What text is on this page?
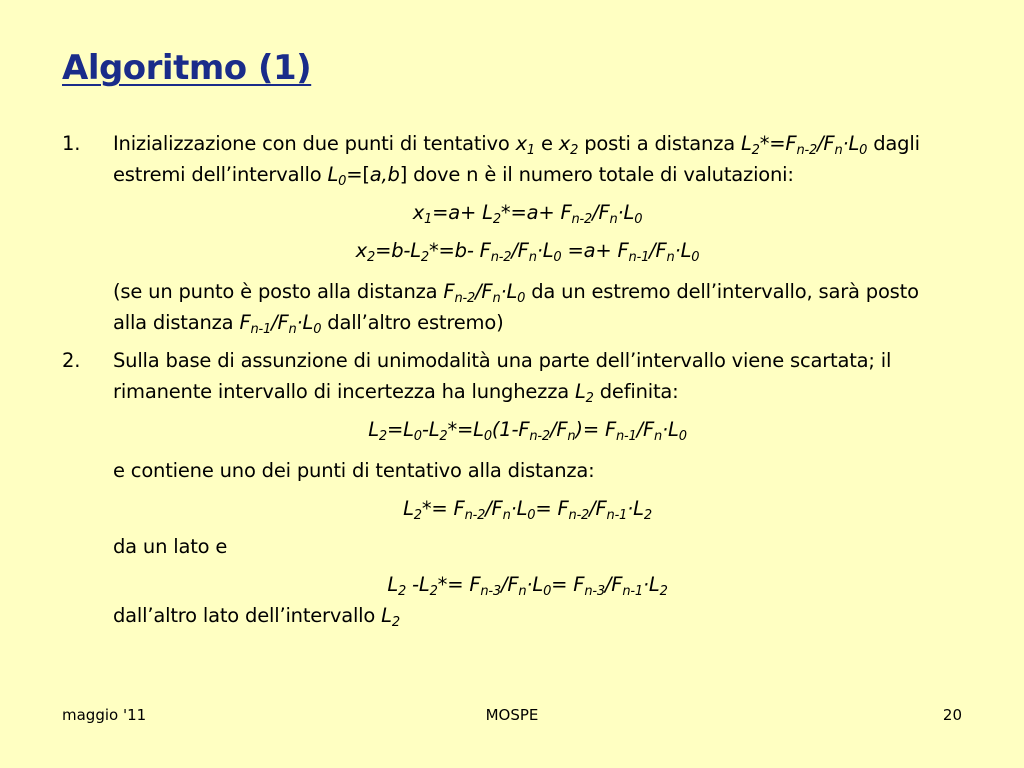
Algoritmo (1)
1.	Inizializzazione con due punti di tentativo $x_1$ e $x_2$ posti a distanza $L_2*=F_{n-2}/F_n\cdot L_0$ dagli estremi dell’intervallo $L_0=[a,b]$ dove n è il numero totale di valutazioni:
$x_1=a+ L_2*=a+ F_{n-2}/F_n\cdot L_0$
$x_2=b-L_2*=b-$ $F_{n-2}/F_n\cdot L_0 =a+ F_{n-1}/F_n\cdot L_0$
(se un punto è posto alla distanza $F_{n-2}/F_n\cdot L_0$ da un estremo dell’intervallo, sarà posto alla distanza $F_{n-1}/F_n\cdot L_0$ dall’altro estremo)
2.	Sulla base di assunzione di unimodalità una parte dell’intervallo viene scartata; il rimanente intervallo di incertezza ha lunghezza $L_2$ definita:
$L_2=L_0-L_2*=L_0(1-F_{n-2}/F_n)= F_{n-1}/F_n\cdot L_0$
e contiene uno dei punti di tentativo alla distanza:
$L_2*= F_{n-2}/F_n\cdot L_0= F_{n-2}/F_{n-1}\cdot L_2$
da un lato e
$L_2$ $-L_2*= F_{n-3}/F_n\cdot L_0= F_{n-3}/F_{n-1}\cdot L_2$
dall’altro lato dell’intervallo $L_2$
maggio '11	MOSPE	20
